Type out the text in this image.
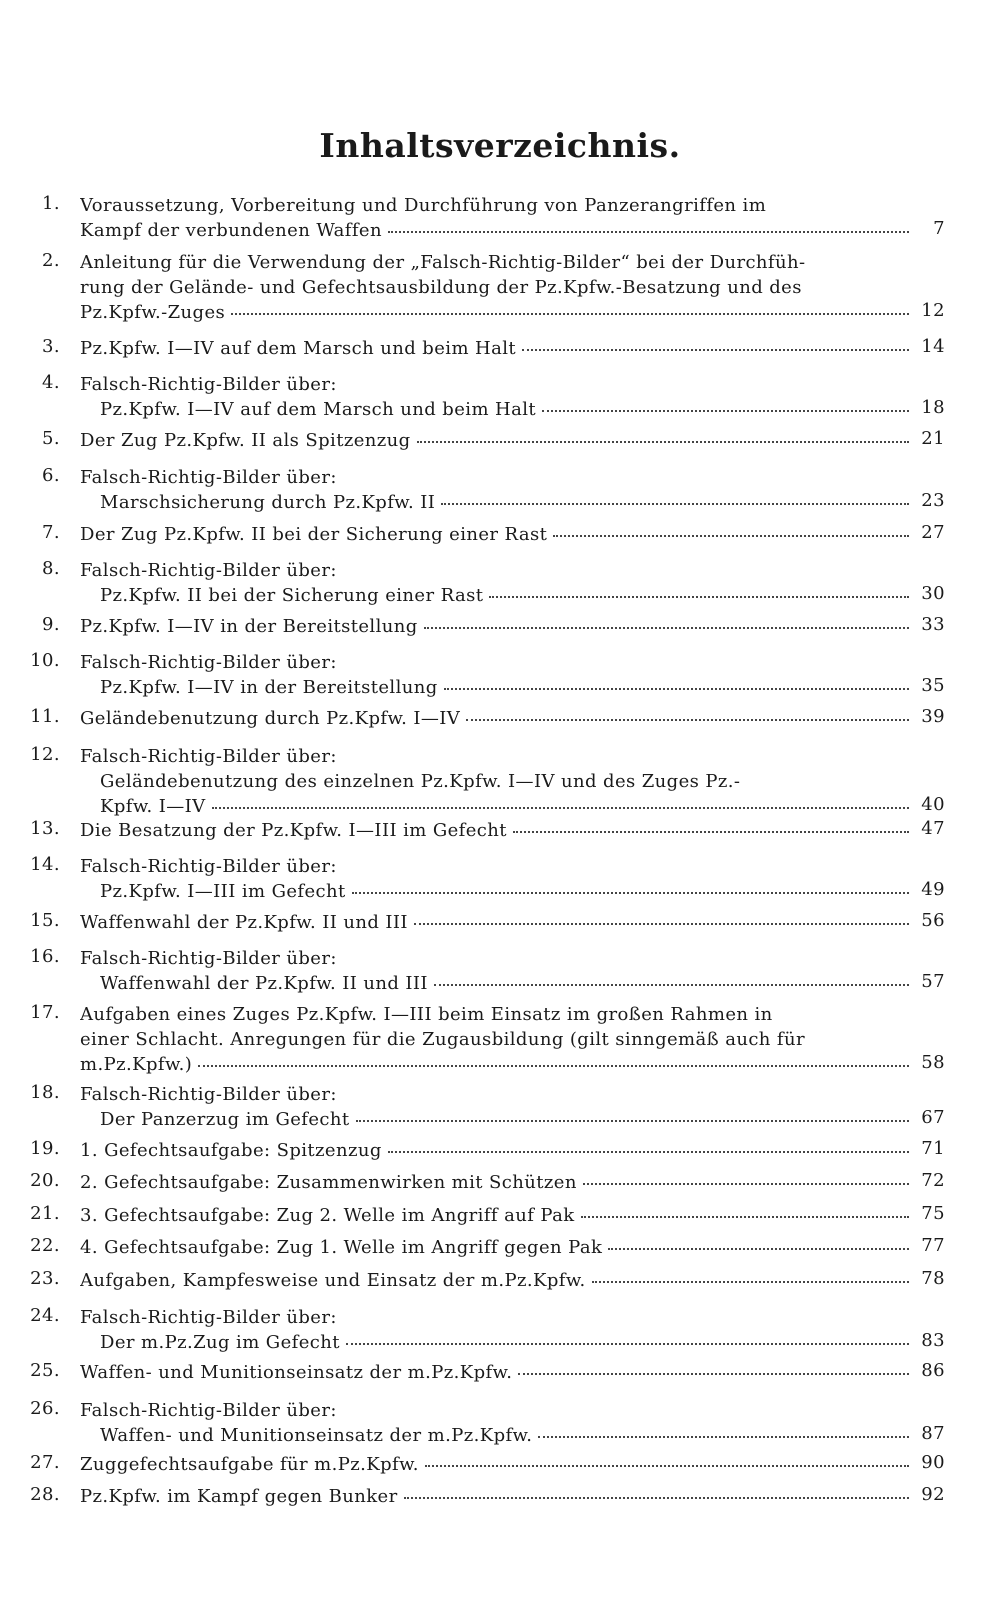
Inhaltsverzeichnis.
1. Voraussetzung, Vorbereitung und Durchführung von Panzerangriffen im
Kampf der verbundenen Waffen	7
2. Anleitung für die Verwendung der „Falsch-Richtig-Bilder“ bei der Durchfüh-
rung der Gelände- und Gefechtsausbildung der Pz.Kpfw.-Besatzung und des
Pz.Kpfw.-Zuges	12
3. Pz.Kpfw. I—IV auf dem Marsch und beim Halt	14
4. Falsch-Richtig-Bilder über:
Pz.Kpfw. I—IV auf dem Marsch und beim Halt	18
5. Der Zug Pz.Kpfw. II als Spitzenzug	21
6. Falsch-Richtig-Bilder über:
Marschsicherung durch Pz.Kpfw. II	23
7. Der Zug Pz.Kpfw. II bei der Sicherung einer Rast	27
8. Falsch-Richtig-Bilder über:
Pz.Kpfw. II bei der Sicherung einer Rast	30
9. Pz.Kpfw. I—IV in der Bereitstellung	33
10. Falsch-Richtig-Bilder über:
Pz.Kpfw. I—IV in der Bereitstellung	35
11. Geländebenutzung durch Pz.Kpfw. I—IV	39
12. Falsch-Richtig-Bilder über:
Geländebenutzung des einzelnen Pz.Kpfw. I—IV und des Zuges Pz.-
Kpfw. I—IV	40
13. Die Besatzung der Pz.Kpfw. I—III im Gefecht	47
14. Falsch-Richtig-Bilder über:
Pz.Kpfw. I—III im Gefecht	49
15. Waffenwahl der Pz.Kpfw. II und III	56
16. Falsch-Richtig-Bilder über:
Waffenwahl der Pz.Kpfw. II und III	57
17. Aufgaben eines Zuges Pz.Kpfw. I—III beim Einsatz im großen Rahmen in
einer Schlacht. Anregungen für die Zugausbildung (gilt sinngemäß auch für
m.Pz.Kpfw.)	58
18. Falsch-Richtig-Bilder über:
Der Panzerzug im Gefecht	67
19. 1. Gefechtsaufgabe: Spitzenzug	71
20. 2. Gefechtsaufgabe: Zusammenwirken mit Schützen	72
21. 3. Gefechtsaufgabe: Zug 2. Welle im Angriff auf Pak	75
22. 4. Gefechtsaufgabe: Zug 1. Welle im Angriff gegen Pak	77
23. Aufgaben, Kampfesweise und Einsatz der m.Pz.Kpfw.	78
24. Falsch-Richtig-Bilder über:
Der m.Pz.Zug im Gefecht	83
25. Waffen- und Munitionseinsatz der m.Pz.Kpfw.	86
26. Falsch-Richtig-Bilder über:
Waffen- und Munitionseinsatz der m.Pz.Kpfw.	87
27. Zuggefechtsaufgabe für m.Pz.Kpfw.	90
28. Pz.Kpfw. im Kampf gegen Bunker	92
